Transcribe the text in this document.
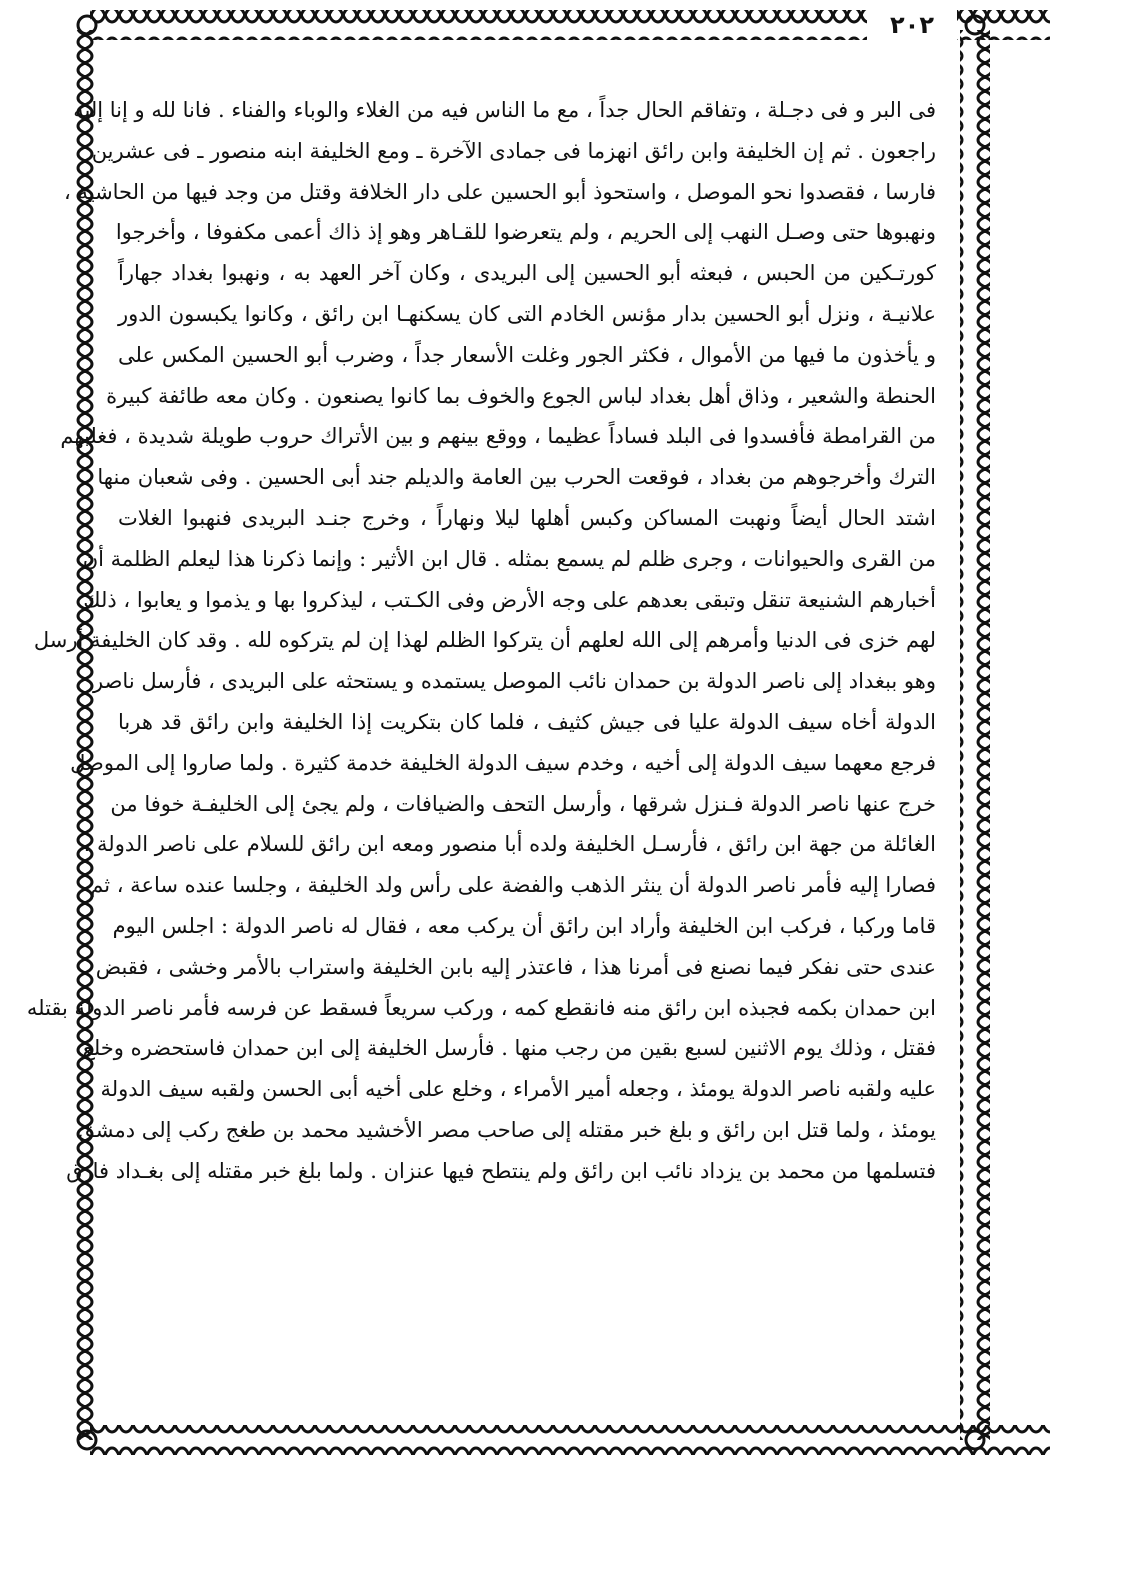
٢٠٢
فى البر و فى دجـلة ، وتفاقم الحال جداً ، مع ما الناس فيه من الغلاء والوباء والفناء . فانا لله و إنا إليه
راجعون . ثم إن الخليفة وابن رائق انهزما فى جمادى الآخرة ـ ومع الخليفة ابنه منصور ـ فى عشرين
فارسا ، فقصدوا نحو الموصل ، واستحوذ أبو الحسين على دار الخلافة وقتل من وجد فيها من الحاشية ،
ونهبوها حتى وصـل النهب إلى الحريم ، ولم يتعرضوا للقـاهر وهو إذ ذاك أعمى مكفوفا ، وأخرجوا
كورتـكين من الحبس ، فبعثه أبو الحسين إلى البريدى ، وكان آخر العهد به ، ونهبوا بغداد جهاراً
علانيـة ، ونزل أبو الحسين بدار مؤنس الخادم التى كان يسكنهـا ابن رائق ، وكانوا يكبسون الدور
و يأخذون ما فيها من الأموال ، فكثر الجور وغلت الأسعار جداً ، وضرب أبو الحسين المكس على
الحنطة والشعير ، وذاق أهل بغداد لباس الجوع والخوف بما كانوا يصنعون . وكان معه طائفة كبيرة
من القرامطة فأفسدوا فى البلد فساداً عظيما ، ووقع بينهم و بين الأتراك حروب طويلة شديدة ، فغلبهم
الترك وأخرجوهم من بغداد ، فوقعت الحرب بين العامة والديلم جند أبى الحسين . وفى شعبان منها
اشتد الحال أيضاً ونهبت المساكن وكبس أهلها ليلا ونهاراً ، وخرج جنـد البريدى فنهبوا الغلات
من القرى والحيوانات ، وجرى ظلم لم يسمع بمثله . قال ابن الأثير : وإنما ذكرنا هذا ليعلم الظلمة أن
أخبارهم الشنيعة تنقل وتبقى بعدهم على وجه الأرض وفى الكـتب ، ليذكروا بها و يذموا و يعابوا ، ذلك
لهم خزى فى الدنيا وأمرهم إلى الله لعلهم أن يتركوا الظلم لهذا إن لم يتركوه لله . وقد كان الخليفة أرسل
وهو ببغداد إلى ناصر الدولة بن حمدان نائب الموصل يستمده و يستحثه على البريدى ، فأرسل ناصر
الدولة أخاه سيف الدولة عليا فى جيش كثيف ، فلما كان بتكريت إذا الخليفة وابن رائق قد هربا
فرجع معهما سيف الدولة إلى أخيه ، وخدم سيف الدولة الخليفة خدمة كثيرة . ولما صاروا إلى الموصل
خرج عنها ناصر الدولة فـنزل شرقها ، وأرسل التحف والضيافات ، ولم يجئ إلى الخليفـة خوفا من
الغائلة من جهة ابن رائق ، فأرسـل الخليفة ولده أبا منصور ومعه ابن رائق للسلام على ناصر الدولة ،
فصارا إليه فأمر ناصر الدولة أن ينثر الذهب والفضة على رأس ولد الخليفة ، وجلسا عنده ساعة ، ثم
قاما وركبا ، فركب ابن الخليفة وأراد ابن رائق أن يركب معه ، فقال له ناصر الدولة : اجلس اليوم
عندى حتى نفكر فيما نصنع فى أمرنا هذا ، فاعتذر إليه بابن الخليفة واستراب بالأمر وخشى ، فقبض
ابن حمدان بكمه فجبذه ابن رائق منه فانقطع كمه ، وركب سريعاً فسقط عن فرسه فأمر ناصر الدولة بقتله
فقتل ، وذلك يوم الاثنين لسبع بقين من رجب منها . فأرسل الخليفة إلى ابن حمدان فاستحضره وخلع
عليه ولقبه ناصر الدولة يومئذ ، وجعله أمير الأمراء ، وخلع على أخيه أبى الحسن ولقبه سيف الدولة
يومئذ ، ولما قتل ابن رائق و بلغ خبر مقتله إلى صاحب مصر الأخشيد محمد بن طغج ركب إلى دمشق
فتسلمها من محمد بن يزداد نائب ابن رائق ولم ينتطح فيها عنزان . ولما بلغ خبر مقتله إلى بغـداد فارق
